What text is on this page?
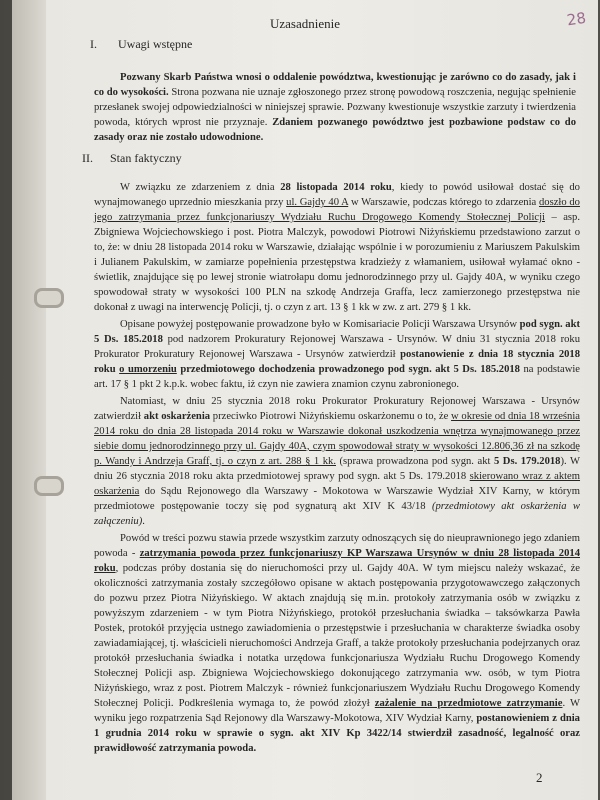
28
Uzasadnienie
I. Uwagi wstępne

Pozwany Skarb Państwa wnosi o oddalenie powództwa, kwestionując je zarówno co do zasady, jak i co do wysokości. Strona pozwana nie uznaje zgłoszonego przez stronę powodową roszczenia, negując spełnienie przesłanek swojej odpowiedzialności w niniejszej sprawie. Pozwany kwestionuje wszystkie zarzuty i twierdzenia powoda, których wprost nie przyznaje. Zdaniem pozwanego powództwo jest pozbawione podstaw co do zasady oraz nie zostało udowodnione.

II. Stan faktyczny

W związku ze zdarzeniem z dnia 28 listopada 2014 roku, kiedy to powód usiłował dostać się do wynajmowanego uprzednio mieszkania przy ul. Gajdy 40 A w Warszawie, podczas którego to zdarzenia doszło do jego zatrzymania przez funkcjonariuszy Wydziału Ruchu Drogowego Komendy Stołecznej Policji – asp. Zbigniewa Wojciechowskiego i post. Piotra Malczyk, powodowi Piotrowi Niżyńskiemu przedstawiono zarzut o to, że: w dniu 28 listopada 2014 roku w Warszawie, działając wspólnie i w porozumieniu z Mariuszem Pakulskim i Julianem Pakulskim, w zamiarze popełnienia przestępstwa kradzieży z włamaniem, usiłował wyłamać okno - świetlik, znajdujące się po lewej stronie wiatrołapu domu jednorodzinnego przy ul. Gajdy 40A, w wyniku czego spowodował straty w wysokości 100 PLN na szkodę Andrzeja Graffa, lecz zamierzonego przestępstwa nie dokonał z uwagi na interwencję Policji, tj. o czyn z art. 13 § 1 kk w zw. z art. 279 § 1 kk.

Opisane powyżej postępowanie prowadzone było w Komisariacie Policji Warszawa Ursynów pod sygn. akt 5 Ds. 185.2018 pod nadzorem Prokuratury Rejonowej Warszawa - Ursynów. W dniu 31 stycznia 2018 roku Prokurator Prokuratury Rejonowej Warszawa - Ursynów zatwierdził postanowienie z dnia 18 stycznia 2018 roku o umorzeniu przedmiotowego dochodzenia prowadzonego pod sygn. akt 5 Ds. 185.2018 na podstawie art. 17 § 1 pkt 2 k.p.k. wobec faktu, iż czyn nie zawiera znamion czynu zabronionego.

Natomiast, w dniu 25 stycznia 2018 roku Prokurator Prokuratury Rejonowej Warszawa - Ursynów zatwierdził akt oskarżenia przeciwko Piotrowi Niżyńskiemu oskarżonemu o to, że w okresie od dnia 18 września 2014 roku do dnia 28 listopada 2014 roku w Warszawie dokonał uszkodzenia wnętrza wynajmowanego przez siebie domu jednorodzinnego przy ul. Gajdy 40A, czym spowodował straty w wysokości 12.806,36 zł na szkodę p. Wandy i Andrzeja Graff, tj. o czyn z art. 288 § 1 kk. (sprawa prowadzona pod sygn. akt 5 Ds. 179.2018). W dniu 26 stycznia 2018 roku akta przedmiotowej sprawy pod sygn. akt 5 Ds. 179.2018 skierowano wraz z aktem oskarżenia do Sądu Rejonowego dla Warszawy - Mokotowa w Warszawie Wydział XIV Karny, w którym przedmiotowe postępowanie toczy się pod sygnaturą akt XIV K 43/18 (przedmiotowy akt oskarżenia w załączeniu).

Powód w treści pozwu stawia przede wszystkim zarzuty odnoszących się do nieuprawnionego jego zdaniem powoda - zatrzymania powoda przez funkcjonariuszy KP Warszawa Ursynów w dniu 28 listopada 2014 roku, podczas próby dostania się do nieruchomości przy ul. Gajdy 40A. W tym miejscu należy wskazać, że okoliczności zatrzymania zostały szczegółowo opisane w aktach postępowania przygotowawczego załączonych do pozwu przez Piotra Niżyńskiego. W aktach znajdują się m.in. protokoły zatrzymania osób w związku z powyższym zdarzeniem - w tym Piotra Niżyńskiego, protokół przesłuchania świadka – taksówkarza Pawła Postek, protokół przyjęcia ustnego zawiadomienia o przestępstwie i przesłuchania w charakterze świadka osoby zawiadamiającej, tj. właścicieli nieruchomości Andrzeja Graff, a także protokoły przesłuchania podejrzanych oraz protokół przesłuchania świadka i notatka urzędowa funkcjonariusza Wydziału Ruchu Drogowego Komendy Stołecznej Policji asp. Zbigniewa Wojciechowskiego dokonującego zatrzymania ww. osób, w tym Piotra Niżyńskiego, wraz z post. Piotrem Malczyk - również funkcjonariuszem Wydziału Ruchu Drogowego Komendy Stołecznej Policji. Podkreślenia wymaga to, że powód złożył zażalenie na przedmiotowe zatrzymanie. W wyniku jego rozpatrzenia Sąd Rejonowy dla Warszawy-Mokotowa, XIV Wydział Karny, postanowieniem z dnia 1 grudnia 2014 roku w sprawie o sygn. akt XIV Kp 3422/14 stwierdził zasadność, legalność oraz prawidłowość zatrzymania powoda.

2
